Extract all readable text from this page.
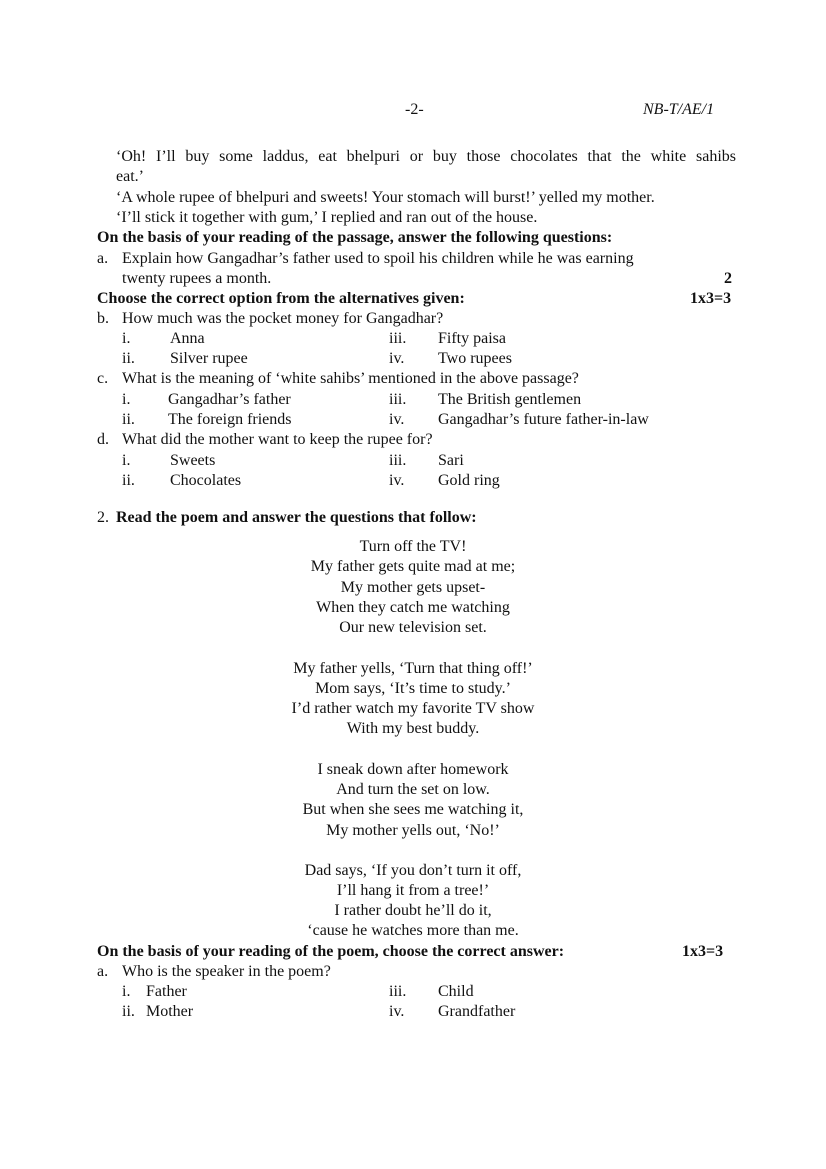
-2-	NB-T/AE/1
‘Oh! I’ll buy some laddus, eat bhelpuri or buy those chocolates that the white sahibs
eat.’
‘A whole rupee of bhelpuri and sweets! Your stomach will burst!’ yelled my mother.
‘I’ll stick it together with gum,’ I replied and ran out of the house.
On the basis of your reading of the passage, answer the following questions:
a. Explain how Gangadhar’s father used to spoil his children while he was earning
twenty rupees a month.	2
Choose the correct option from the alternatives given:	1x3=3
b. How much was the pocket money for Gangadhar?
i. Anna	iii. Fifty paisa
ii. Silver rupee	iv. Two rupees
c. What is the meaning of ‘white sahibs’ mentioned in the above passage?
i. Gangadhar’s father	iii. The British gentlemen
ii. The foreign friends	iv. Gangadhar’s future father-in-law
d. What did the mother want to keep the rupee for?
i. Sweets	iii. Sari
ii. Chocolates	iv. Gold ring
2. Read the poem and answer the questions that follow:
Turn off the TV!
My father gets quite mad at me;
My mother gets upset-
When they catch me watching
Our new television set.
My father yells, ‘Turn that thing off!’
Mom says, ‘It’s time to study.’
I’d rather watch my favorite TV show
With my best buddy.
I sneak down after homework
And turn the set on low.
But when she sees me watching it,
My mother yells out, ‘No!’
Dad says, ‘If you don’t turn it off,
I’ll hang it from a tree!’
I rather doubt he’ll do it,
‘cause he watches more than me.
On the basis of your reading of the poem, choose the correct answer:	1x3=3
a. Who is the speaker in the poem?
i. Father	iii. Child
ii. Mother	iv. Grandfather
